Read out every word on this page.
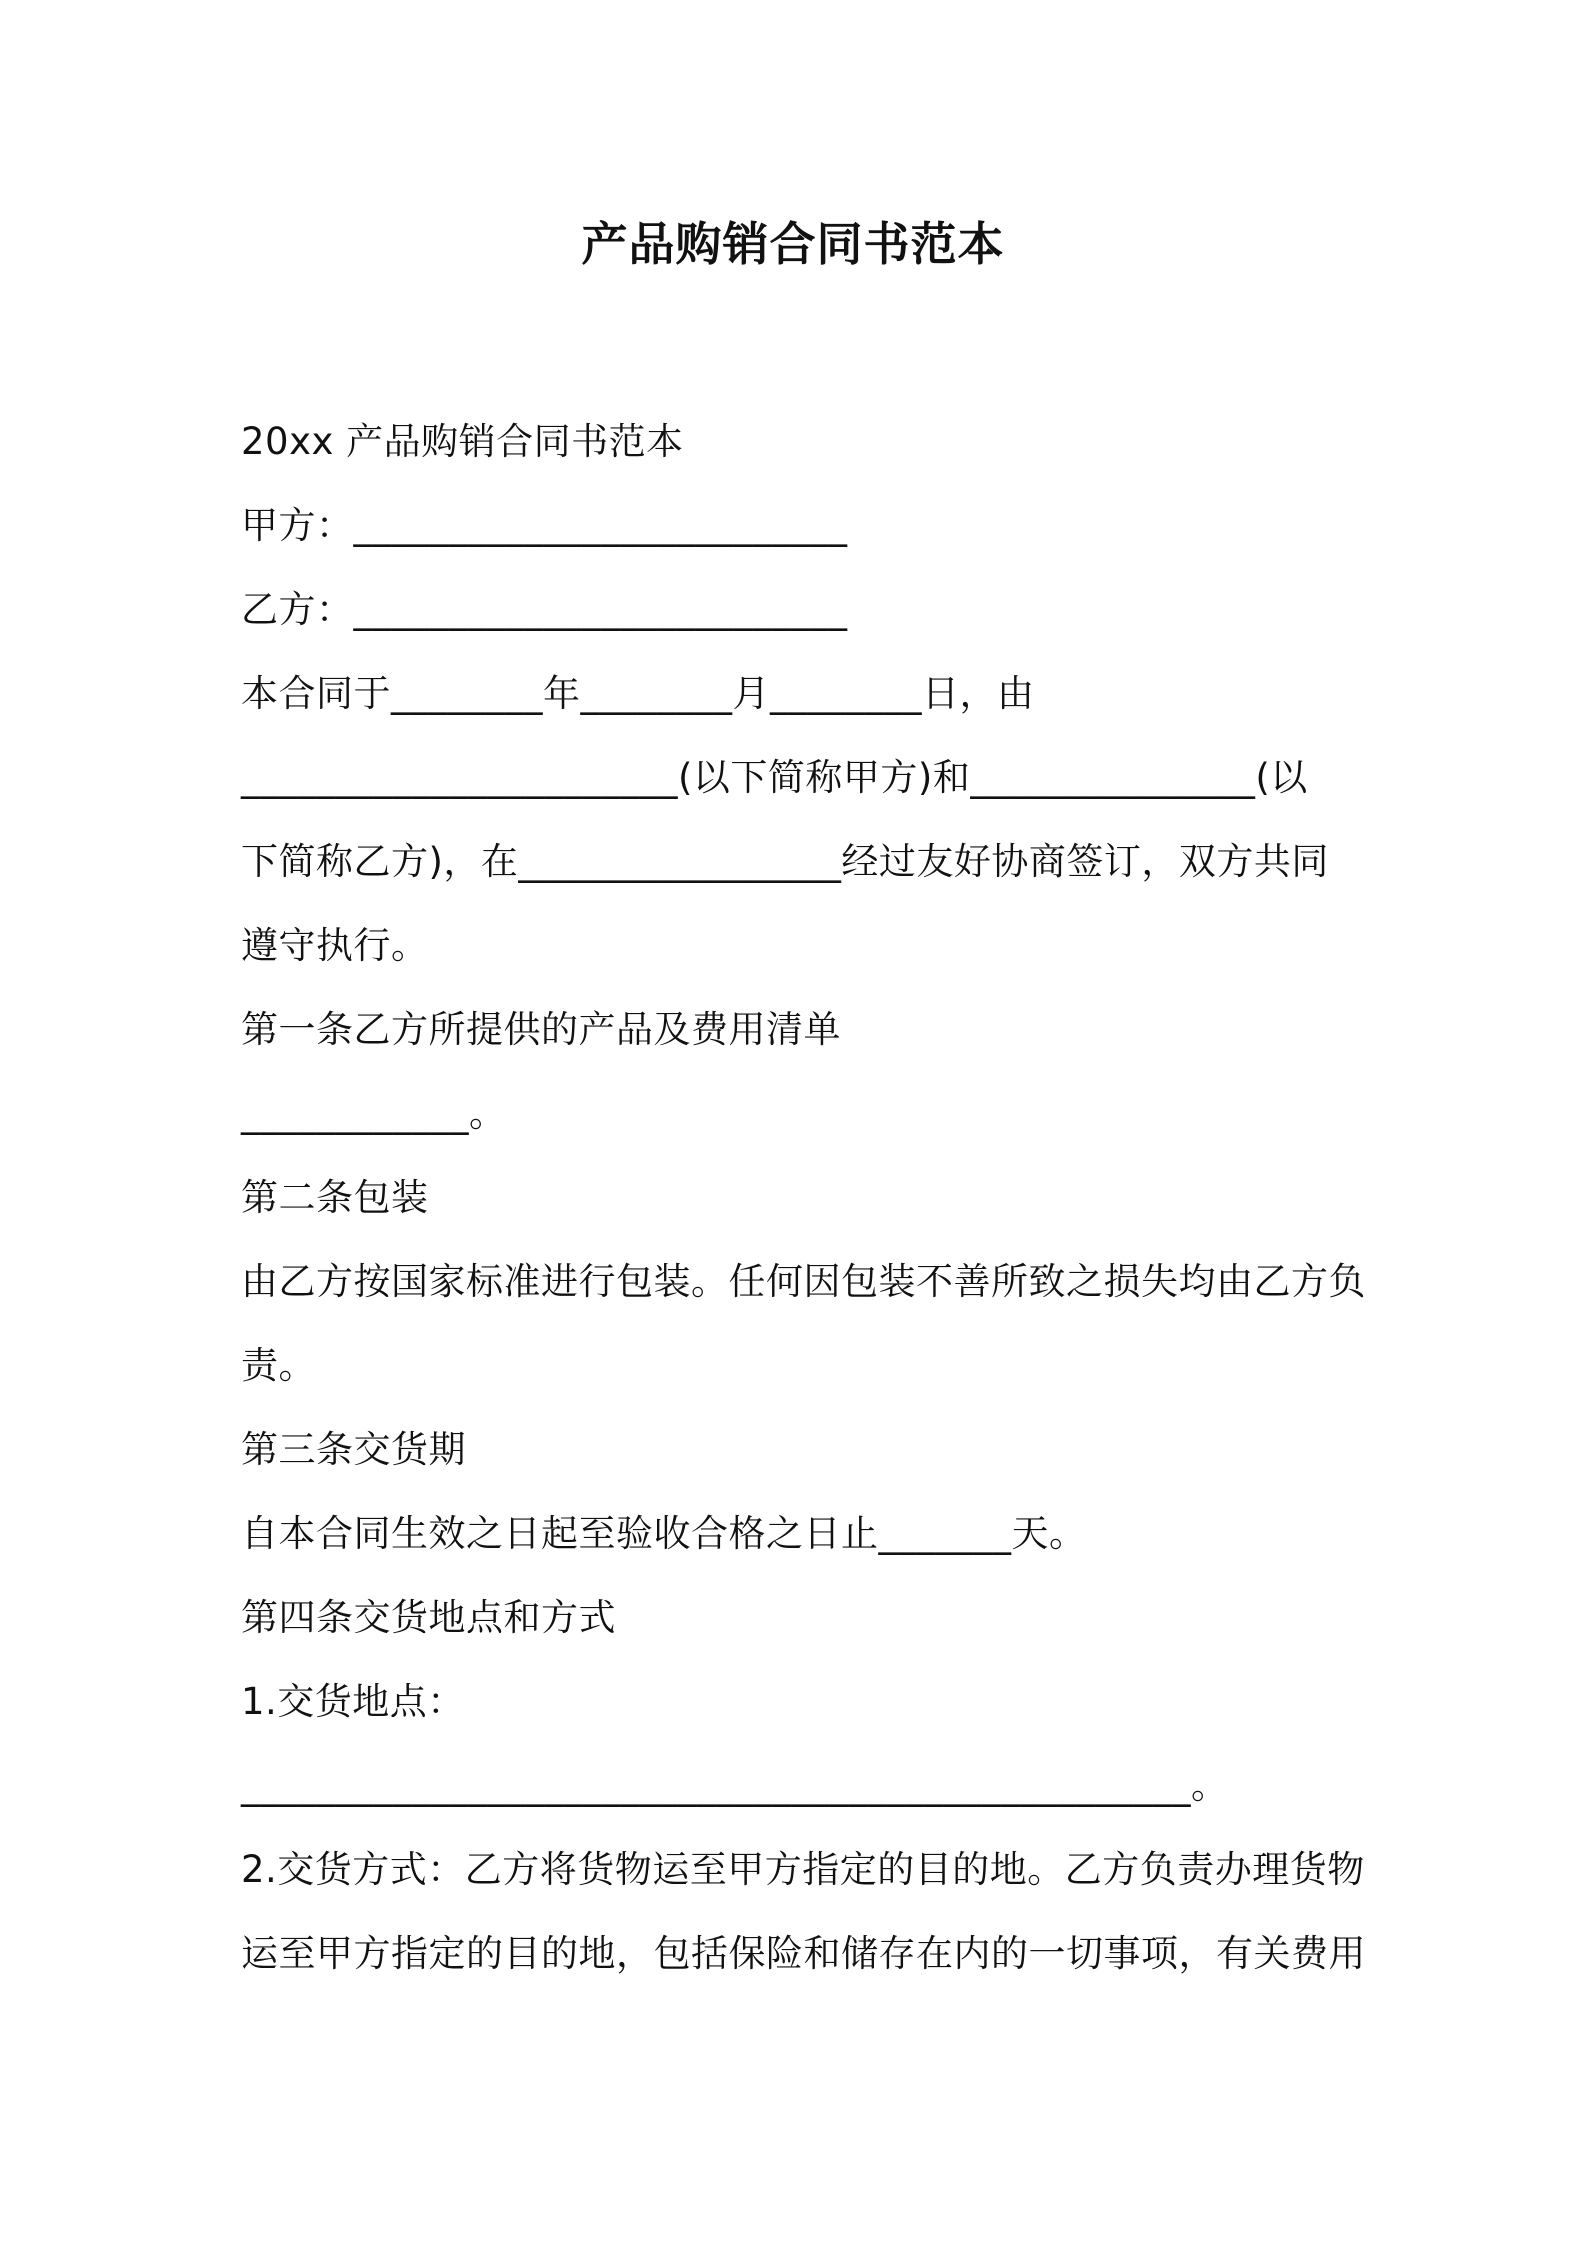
产品购销合同书范本
20xx 产品购销合同书范本
甲方：__________________________
乙方：__________________________
本合同于________年________月________日，由
_______________________(以下简称甲方)和_______________(以
下简称乙方)，在_________________经过友好协商签订，双方共同
遵守执行。
第一条乙方所提供的产品及费用清单
____________。
第二条包装
由乙方按国家标准进行包装。任何因包装不善所致之损失均由乙方负
责。
第三条交货期
自本合同生效之日起至验收合格之日止_______天。
第四条交货地点和方式
1.交货地点：
__________________________________________________。
2.交货方式：乙方将货物运至甲方指定的目的地。乙方负责办理货物
运至甲方指定的目的地，包括保险和储存在内的一切事项，有关费用
